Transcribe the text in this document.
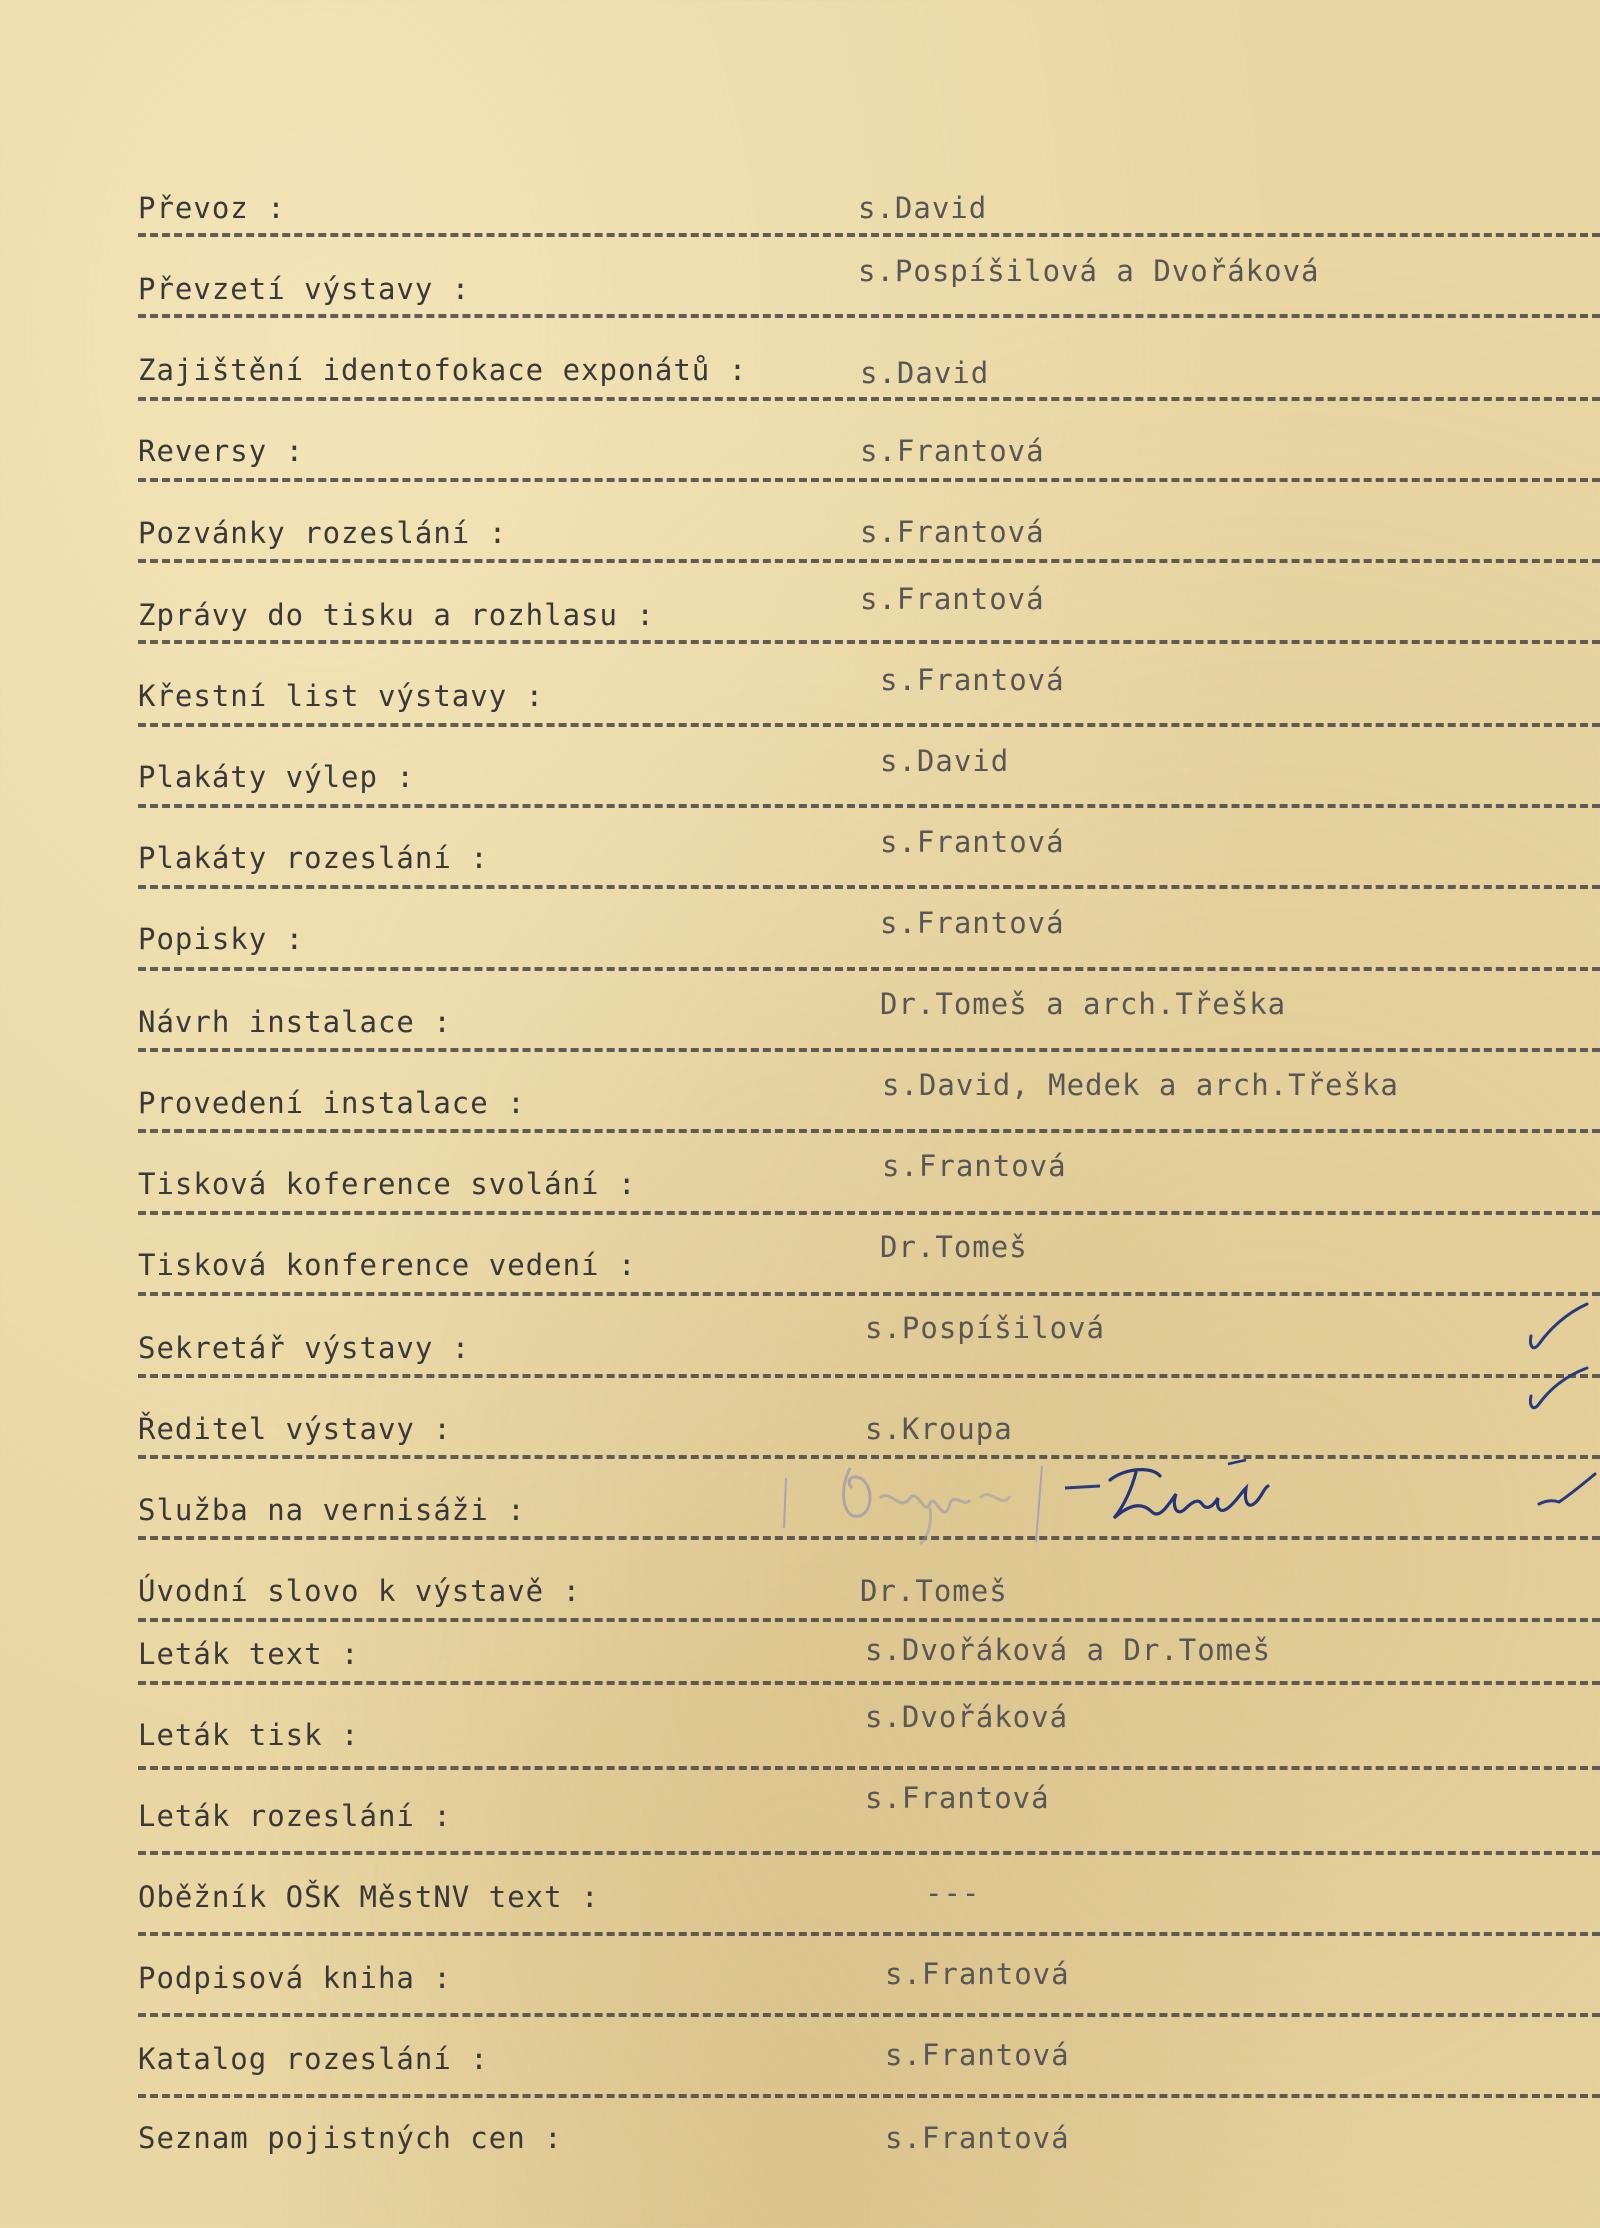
Převoz :	s.David
Převzetí výstavy :
s.Pospíšilová a Dvořáková
Zajištění identofokace exponátů :	s.David
Reversy :	s.Frantová
Pozvánky rozeslání :	s.Frantová
Zprávy do tisku a rozhlasu :	s.Frantová
Křestní list výstavy :	s.Frantová
Plakáty výlep :	s.David
Plakáty rozeslání :	s.Frantová
Popisky :	s.Frantová
Návrh instalace :
Dr.Tomeš a arch.Třeška
Provedení instalace :
s.David, Medek a arch.Třeška
Tisková koference svolání :
s.Frantová
Tisková konference vedení :
Dr.Tomeš
Sekretář výstavy :
s.Pospíšilová
Ředitel výstavy :	s.Kroupa
Služba na vernisáži :
Úvodní slovo k výstavě :	Dr.Tomeš
Leták text :	s.Dvořáková a Dr.Tomeš
Leták tisk :
s.Dvořáková
Leták rozeslání :
s.Frantová
Oběžník OŠK MěstNV text :	---
Podpisová kniha :	s.Frantová
Katalog rozeslání :	s.Frantová
Seznam pojistných cen :	s.Frantová
